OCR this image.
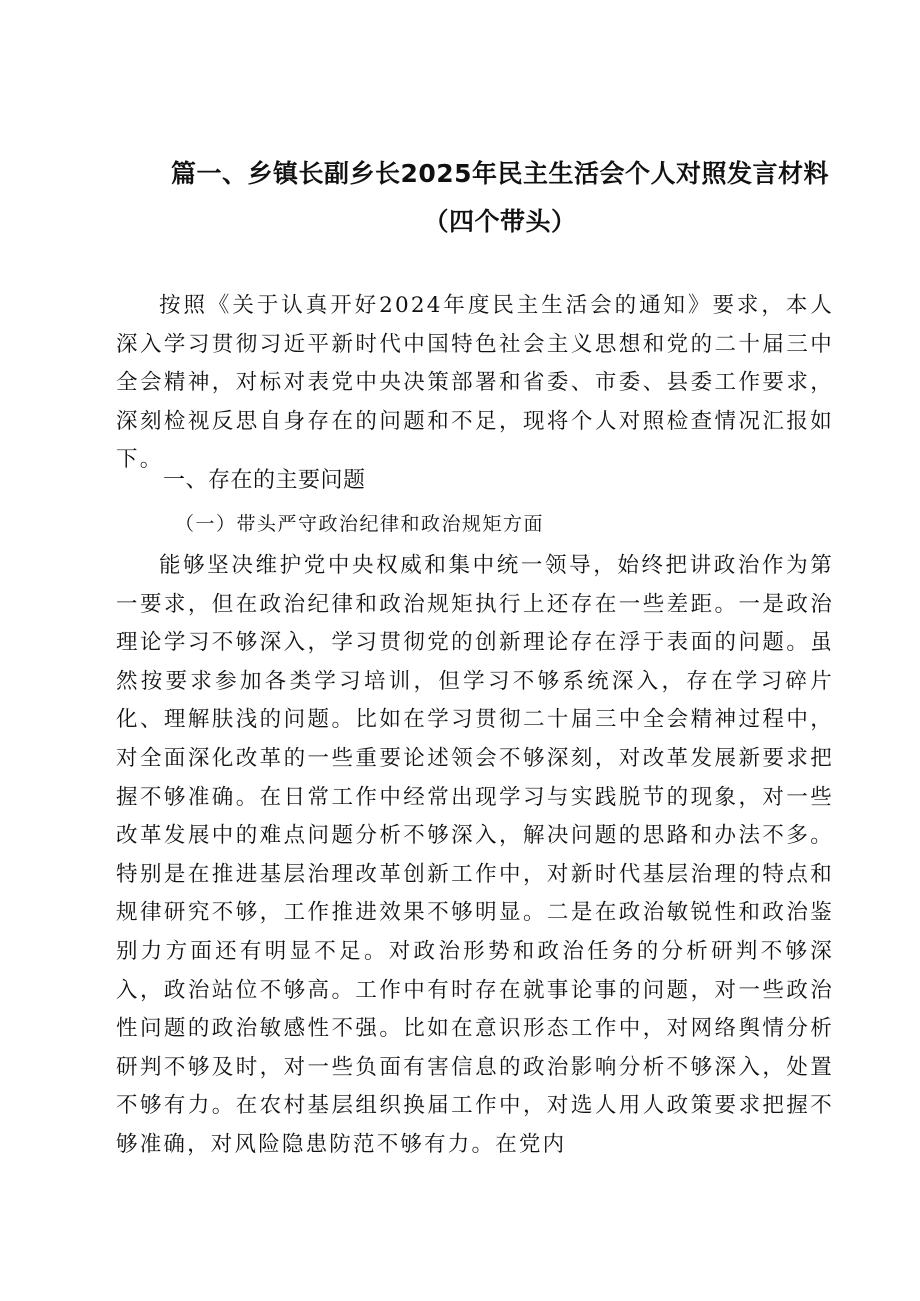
篇一、乡镇长副乡长2025年民主生活会个人对照发言材料（四个带头）

按照《关于认真开好2024年度民主生活会的通知》要求，本人深入学习贯彻习近平新时代中国特色社会主义思想和党的二十届三中全会精神，对标对表党中央决策部署和省委、市委、县委工作要求，深刻检视反思自身存在的问题和不足，现将个人对照检查情况汇报如下。

一、存在的主要问题
（一）带头严守政治纪律和政治规矩方面

能够坚决维护党中央权威和集中统一领导，始终把讲政治作为第一要求，但在政治纪律和政治规矩执行上还存在一些差距。一是政治理论学习不够深入，学习贯彻党的创新理论存在浮于表面的问题。虽然按要求参加各类学习培训，但学习不够系统深入，存在学习碎片化、理解肤浅的问题。比如在学习贯彻二十届三中全会精神过程中，对全面深化改革的一些重要论述领会不够深刻，对改革发展新要求把握不够准确。在日常工作中经常出现学习与实践脱节的现象，对一些改革发展中的难点问题分析不够深入，解决问题的思路和办法不多。特别是在推进基层治理改革创新工作中，对新时代基层治理的特点和规律研究不够，工作推进效果不够明显。二是在政治敏锐性和政治鉴别力方面还有明显不足。对政治形势和政治任务的分析研判不够深入，政治站位不够高。工作中有时存在就事论事的问题，对一些政治性问题的政治敏感性不强。比如在意识形态工作中，对网络舆情分析研判不够及时，对一些负面有害信息的政治影响分析不够深入，处置不够有力。在农村基层组织换届工作中，对选人用人政策要求把握不够准确，对风险隐患防范不够有力。在党内
